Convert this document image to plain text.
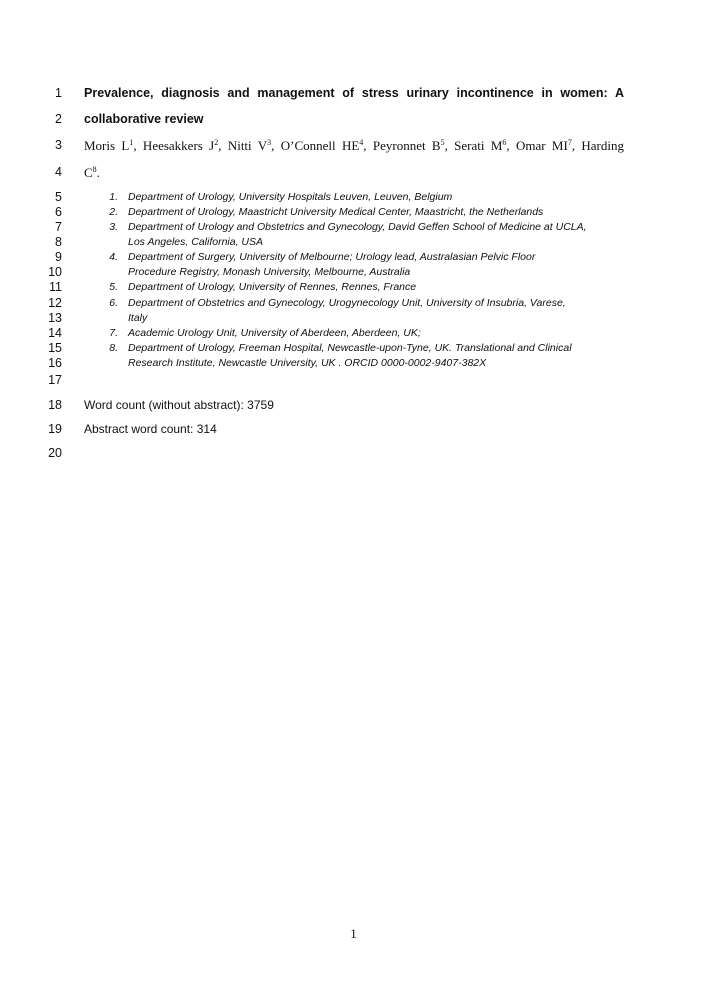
1
2
3
4
5
6
7
8
9
10
11
12
13
14
15
16
17
18
19
20
Prevalence, diagnosis and management of stress urinary incontinence in women: A
collaborative review
Moris $L^1$, Heesakkers $J^2$, Nitti $V^3$, O’Connell $HE^4$, Peyronnet $B^5$, Serati $M^6$, Omar $MI^7$, Harding
$C^8$.
1. Department of Urology, University Hospitals Leuven, Leuven, Belgium
2. Department of Urology, Maastricht University Medical Center, Maastricht, the Netherlands
3. Department of Urology and Obstetrics and Gynecology, David Geffen School of Medicine at UCLA,
Los Angeles, California, USA
4. Department of Surgery, University of Melbourne; Urology lead, Australasian Pelvic Floor
Procedure Registry, Monash University, Melbourne, Australia
5. Department of Urology, University of Rennes, Rennes, France
6. Department of Obstetrics and Gynecology, Urogynecology Unit, University of Insubria, Varese,
Italy
7. Academic Urology Unit, University of Aberdeen, Aberdeen, UK;
8. Department of Urology, Freeman Hospital, Newcastle-upon-Tyne, UK. Translational and Clinical
Research Institute, Newcastle University, UK . ORCID 0000-0002-9407-382X
Word count (without abstract): 3759
Abstract word count: 314
1
